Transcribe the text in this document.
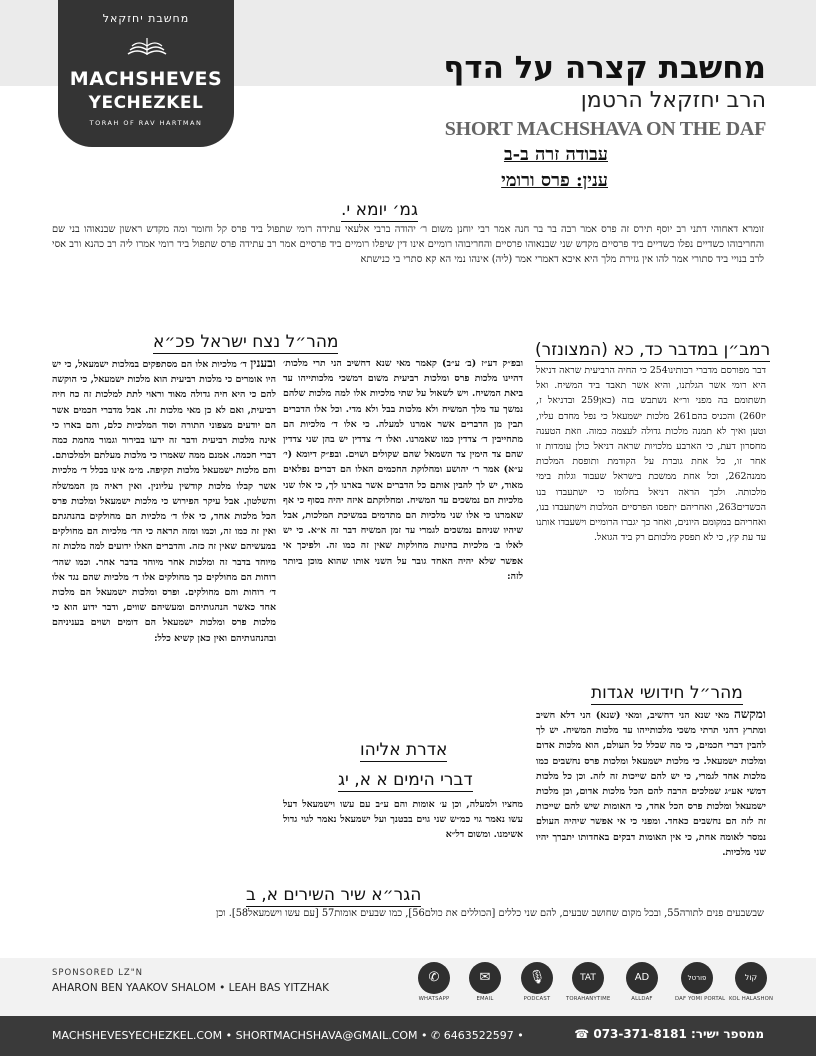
מחשבת יחזקאל
MACHSHEVES
YECHEZKEL
TORAH OF RAV HARTMAN
מחשבת קצרה על הדף
הרב יחזקאל הרטמן
SHORT MACHSHAVA ON THE DAF
עבודה זרה ב-ב
ענין: פרס ורומי
גמ׳ יומא י.
זומרא דאחוהי דתני רב יוסף תירס זה פרס אמר רבה בר בר חנה אמר רבי יוחנן משום ר׳ יהודה ברבי אלעאי עתידה רומי שתפול ביד פרס קל וחומר ומה מקדש ראשון שבנאוהו בני שם והחריבוהו כשדיים נפלו כשדיים ביד פרסיים מקדש שני שבנאוהו פרסיים והחריבוהו רומיים אינו דין שיפלו רומיים ביד פרסיים אמר רב עתידה פרס שתפול ביד רומי אמרו ליה רב כהנא ורב אסי לרב בנויי ביד סתורי אמר להו אין גזירת מלך היא איכא דאמרי אמר (ליה) אינהו נמי הא קא סתרי בי כנישתא
רמב״ן במדבר כד, כא (המצונזר)
דבר מפורסם מדברי רבותינו254 כי החיה הרביעית שראה דניאל היא רומי אשר הגלתנו, והיא אשר תאבד ביד המשיח. ואל תשתומם בה מפני ור״א נשתבש בזה (כאן259 ובדניאל ז, יז260) והכניס בהם261 מלכות ישמעאל כי נפל מחדם עליו, וטען ואיך לא תמנה מלכות גדולה לעצמה כמוה. וזאת הטענה מחסרון דעת, כי הארבע מלכויות שראה דניאל כולן עומדות זו אחר זו, כל אחת גוברת על הקודמת ותופסת המלכות ממנה262, וכל אחת ממשכת בישראל שעבוד וגלות בימי מלכותה. ולכך הראה דניאל בחלומו כי ישתעבדו בנו הכשדים263, ואחריהם יתפסו הפרסיים המלכות וישתעבדו בנו, ואחריהם במקומם היונים, ואחר כך יגברו הרומיים וישעבדו אותנו עד עת קץ, כי לא תפסק מלכותם רק ביד הגואל.
מהר״ל נצח ישראל פכ״א
ובפ״ק דע״ז (ב׳ ע״ב) קאמר מאי שנא דחשיב הני תרי מלכות׳ דהיינו מלכות פרס ומלכות רביעית משום דמשכי מלכותייהו עד ביאת המשיח. ויש לשאול על שתי מלכיות אלו למה מלכות שלהם נמשך עד מלך המשיח ולא מלכות בבל ולא מדי. וכל אלו הדברים תבין מן הדברים אשר אמרנו למעלה. כי אלו ד׳ מלכיות הם מתחייבין ד׳ צדדין כמו שאמרנו. ואלו ד׳ צדדין יש בהן שני צדדין שהם צד הימין צד השמאל שהם שקולים ושוים. ובפ״ק דיומא (י׳ ע״א) אמר ר׳ יהושע ומחלוקת החכמים האלו הם דברים נפלאים מאוד, יש לך להבין אותם כל הדברים אשר בארנו לך, כי אלו שני מלכיות הם נמשכים עד המשיח. ומחלוקתם איזה יהיה בסוף כי אף שאמרנו כי אלו שני מלכיות הם מתדמים במשיכת המלכות, אבל שיהיו שניהם נמשכים לגמרי עד זמן המשיח דבר זה א״א. כי יש לאלו ב׳ מלכיות בחינות מחולקות שאין זה כמו זה. ולפיכך אי אפשר שלא יהיה האחד גובר על השני אותו שהוא מוכן ביותר לזה:
ובענין ד׳ מלכיות אלו הם מסתפקים במלכות ישמעאל, כי יש היו אומרים כי מלכות רביעית הוא מלכות ישמעאל, כי הוקשה להם כי היא חיה גדולה מאוד וראוי לתת למלכות זה כח חיה רביעית, ואם לא כן מאי מלכות זה. אבל מדברי חכמים אשר הם יודעים מצפוני התורה וסוד המלכיות כלם, והם בארו כי אינה מלכות רביעית ודבר זה ידעו בבירור וגמור מחמת כמה דברי חכמה. אמנם ממה שאמרו כי מלכות מעלתם ולמלכותם. והם מלכות ישמעאל מלכות תקיפה. מ״מ אינו בכלל ד׳ מלכיות אשר קבלו מלכות קודשין עליונין. ואין ראיה מן הממשלה והשלטון. אבל עיקר הפירוש כי מלכות ישמעאל ומלכות פרס הכל מלכות אחד, כי אלו ד׳ מלכיות הם מחולקים בהנהגתם ואין זה כמו זה, וכמו ומזה תראה כי הד׳ מלכיות הם מחולקים במעשיהם שאין זה כזה. והדברים האלו ידועים למה מלכות זה מיוחד בדבר זה ומלכות אחר מיוחד בדבר אחר. וכמו שהד׳ רוחות הם מחולקים כך מחולקים אלו ד׳ מלכיות שהם נגד אלו ד׳ רוחות והם מחולקים. ופרס ומלכות ישמעאל הם מלכות אחד כאשר הנהגותיהם ומעשיהם שווים, ודבר ידוע הוא כי מלכות פרס ומלכות ישמעאל הם דומים ושוים בעניניהם ובהנהגותיהם ואין כאן קשיא כלל:
מהר״ל חידושי אגדות
ומקשה מאי שנא הני דחשיב, ומאי (שנא) הני דלא חשיב ומתרץ דהני תרתי משכי מלכותייהו עד מלכות המשיח. יש לך להבין דברי חכמים, כי מה שכלל כל העולם, הוא מלכות אדום ומלכות ישמעאל. כי מלכות ישמעאל ומלכות פרס נחשבים כמו מלכות אחד לגמרי, כי יש להם שייכות זה לזה. וכן כל מלכות דמשי אע״ג שמלכים הרבה להם הכל מלכות אדום, וכן מלכות ישמעאל ומלכות פרס הכל אחד, כי האומות שיש להם שייכות זה לזה הם נחשבים כאחד. ומפני כי אי אפשר שיהיה העולם נמסר לאומה אחת, כי אין האומות דבקים באחדותו יתברך יהיו שני מלכיות.
אדרת אליהו
דברי הימים א א, יג
מחציו ולמעלה, וכן ע׳ אומות והם ע״ב עם עשו וישמעאל דעל עשו נאמר גוי כמ״ש שני גוים בבטנך ועל ישמעאל נאמר לגוי גדול אשימנו. ומשום דל״א
הגר״א שיר השירים א, ב
שבשבעים פנים לתורה55, ובכל מקום שחושב שבעים, להם שני כללים [הכוללים את כולם56], כמו שבעים אומות57 [עם עשו וישמעאל58]. וכן
SPONSORED LZ"N
AHARON BEN YAAKOV SHALOM • LEAH BAS YITZHAK
✆
WHATSAPP
✉
EMAIL
🎙
PODCAST
TAT
TORAHANYTIME
AD
ALLDAF
פורטל
DAF YOMI PORTAL
קול
KOL HALASHON
MACHSHEVESYECHEZKEL.COM • SHORTMACHSHAVA@GMAIL.COM • ✆ 6463522597 •	ממספר ישיר: 073-371-8181 ☎
